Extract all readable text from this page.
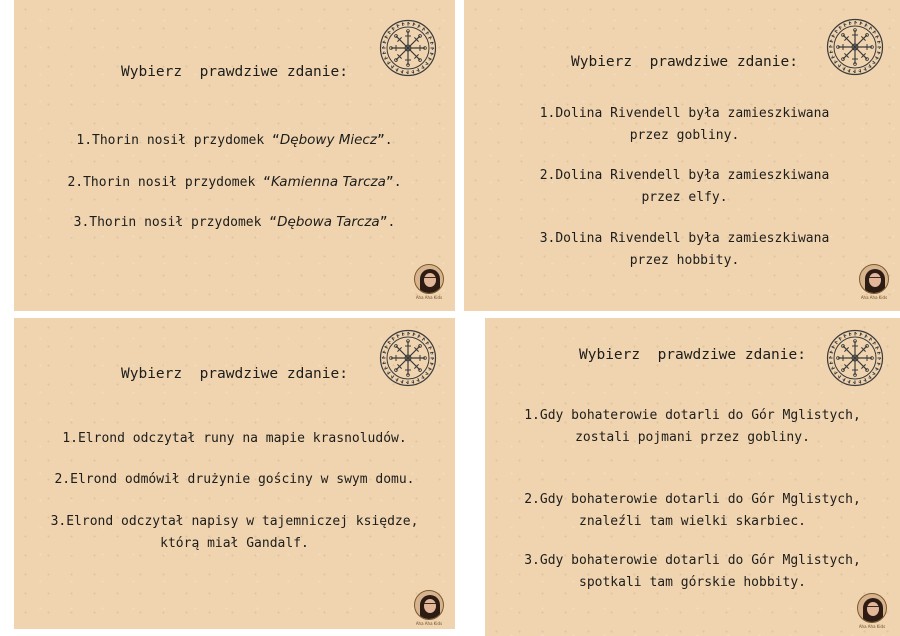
Wybierz  prawdziwe zdanie:
1.Thorin nosił przydomek “Dębowy Miecz”.
2.Thorin nosił przydomek “Kamienna Tarcza”.
3.Thorin nosił przydomek “Dębowa Tarcza”.
Aha Aha Kids
Wybierz  prawdziwe zdanie:
1.Dolina Rivendell była zamieszkiwana
przez gobliny.
2.Dolina Rivendell była zamieszkiwana
przez elfy.
3.Dolina Rivendell była zamieszkiwana
przez hobbity.
Aha Aha Kids
Wybierz  prawdziwe zdanie:
1.Elrond odczytał runy na mapie krasnoludów.
2.Elrond odmówił drużynie gościny w swym domu.
3.Elrond odczytał napisy w tajemniczej księdze,
którą miał Gandalf.
Aha Aha Kids
Wybierz  prawdziwe zdanie:
1.Gdy bohaterowie dotarli do Gór Mglistych,
zostali pojmani przez gobliny.
2.Gdy bohaterowie dotarli do Gór Mglistych,
znaleźli tam wielki skarbiec.
3.Gdy bohaterowie dotarli do Gór Mglistych,
spotkali tam górskie hobbity.
Aha Aha Kids
